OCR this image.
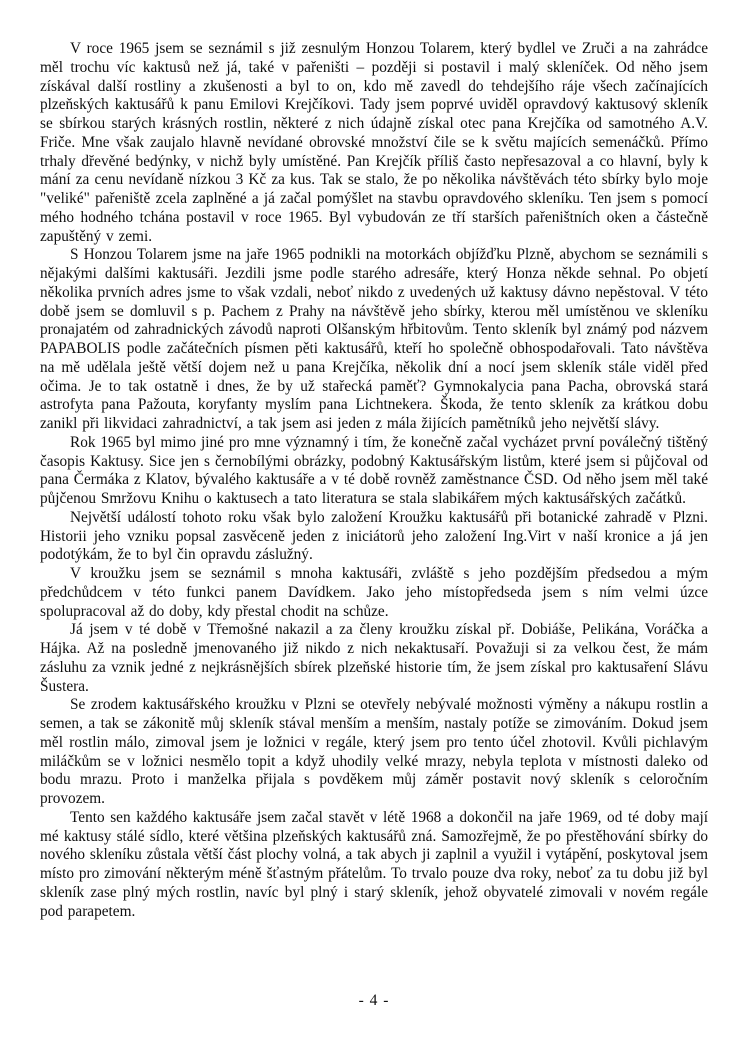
V roce 1965 jsem se seznámil s již zesnulým Honzou Tolarem, který bydlel ve Zruči a na zahrádce měl trochu víc kaktusů než já, také v pařeništi – později si postavil i malý skleníček. Od něho jsem získával další rostliny a zkušenosti a byl to on, kdo mě zavedl do tehdejšího ráje všech začínajících plzeňských kaktusářů k panu Emilovi Krejčíkovi. Tady jsem poprvé uviděl opravdový kaktusový skleník se sbírkou starých krásných rostlin, některé z nich údajně získal otec pana Krejčíka od samotného A.V. Friče. Mne však zaujalo hlavně nevídané obrovské množství čile se k světu majících semenáčků. Přímo trhaly dřevěné bedýnky, v nichž byly umístěné. Pan Krejčík příliš často nepřesazoval a co hlavní, byly k mání za cenu nevídaně nízkou 3 Kč za kus. Tak se stalo, že po několika návštěvách této sbírky bylo moje "veliké" pařeniště zcela zaplněné a já začal pomýšlet na stavbu opravdového skleníku. Ten jsem s pomocí mého hodného tchána postavil v roce 1965. Byl vybudován ze tří starších pařeništních oken a částečně zapuštěný v zemi.

S Honzou Tolarem jsme na jaře 1965 podnikli na motorkách objížďku Plzně, abychom se seznámili s nějakými dalšími kaktusáři. Jezdili jsme podle starého adresáře, který Honza někde sehnal. Po objetí několika prvních adres jsme to však vzdali, neboť nikdo z uvedených už kaktusy dávno nepěstoval. V této době jsem se domluvil s p. Pachem z Prahy na návštěvě jeho sbírky, kterou měl umístěnou ve skleníku pronajatém od zahradnických závodů naproti Olšanským hřbitovům. Tento skleník byl známý pod názvem PAPABOLIS podle začátečních písmen pěti kaktusářů, kteří ho společně obhospodařovali. Tato návštěva na mě udělala ještě větší dojem než u pana Krejčíka, několik dní a nocí jsem skleník stále viděl před očima. Je to tak ostatně i dnes, že by už stařecká paměť? Gymnokalycia pana Pacha, obrovská stará astrofyta pana Pažouta, koryfanty myslím pana Lichtnekera. Škoda, že tento skleník za krátkou dobu zanikl při likvidaci zahradnictví, a tak jsem asi jeden z mála žijících pamětníků jeho největší slávy.

Rok 1965 byl mimo jiné pro mne významný i tím, že konečně začal vycházet první poválečný tištěný časopis Kaktusy. Sice jen s černobílými obrázky, podobný Kaktusářským listům, které jsem si půjčoval od pana Čermáka z Klatov, bývalého kaktusáře a v té době rovněž zaměstnance ČSD. Od něho jsem měl také půjčenou Smržovu Knihu o kaktusech a tato literatura se stala slabikářem mých kaktusářských začátků.

Největší událostí tohoto roku však bylo založení Kroužku kaktusářů při botanické zahradě v Plzni. Historii jeho vzniku popsal zasvěceně jeden z iniciátorů jeho založení Ing.Virt v naší kronice a já jen podotýkám, že to byl čin opravdu záslužný.

V kroužku jsem se seznámil s mnoha kaktusáři, zvláště s jeho pozdějším předsedou a mým předchůdcem v této funkci panem Davídkem. Jako jeho místopředseda jsem s ním velmi úzce spolupracoval až do doby, kdy přestal chodit na schůze.

Já jsem v té době v Třemošné nakazil a za členy kroužku získal př. Dobiáše, Pelikána, Voráčka a Hájka. Až na posledně jmenovaného již nikdo z nich nekaktusaří. Považuji si za velkou čest, že mám zásluhu za vznik jedné z nejkrásnějších sbírek plzeňské historie tím, že jsem získal pro kaktusaření Slávu Šustera.

Se zrodem kaktusářského kroužku v Plzni se otevřely nebývalé možnosti výměny a nákupu rostlin a semen, a tak se zákonitě můj skleník stával menším a menším, nastaly potíže se zimováním. Dokud jsem měl rostlin málo, zimoval jsem je ložnici v regále, který jsem pro tento účel zhotovil. Kvůli pichlavým miláčkům se v ložnici nesmělo topit a když uhodily velké mrazy, nebyla teplota v místnosti daleko od bodu mrazu. Proto i manželka přijala s povděkem můj záměr postavit nový skleník s celoročním provozem.

Tento sen každého kaktusáře jsem začal stavět v létě 1968 a dokončil na jaře 1969, od té doby mají mé kaktusy stálé sídlo, které většina plzeňských kaktusářů zná. Samozřejmě, že po přestěhování sbírky do nového skleníku zůstala větší část plochy volná, a tak abych ji zaplnil a využil i vytápění, poskytoval jsem místo pro zimování některým méně šťastným přátelům. To trvalo pouze dva roky, neboť za tu dobu již byl skleník zase plný mých rostlin, navíc byl plný i starý skleník, jehož obyvatelé zimovali v novém regále pod parapetem.

- 4 -
